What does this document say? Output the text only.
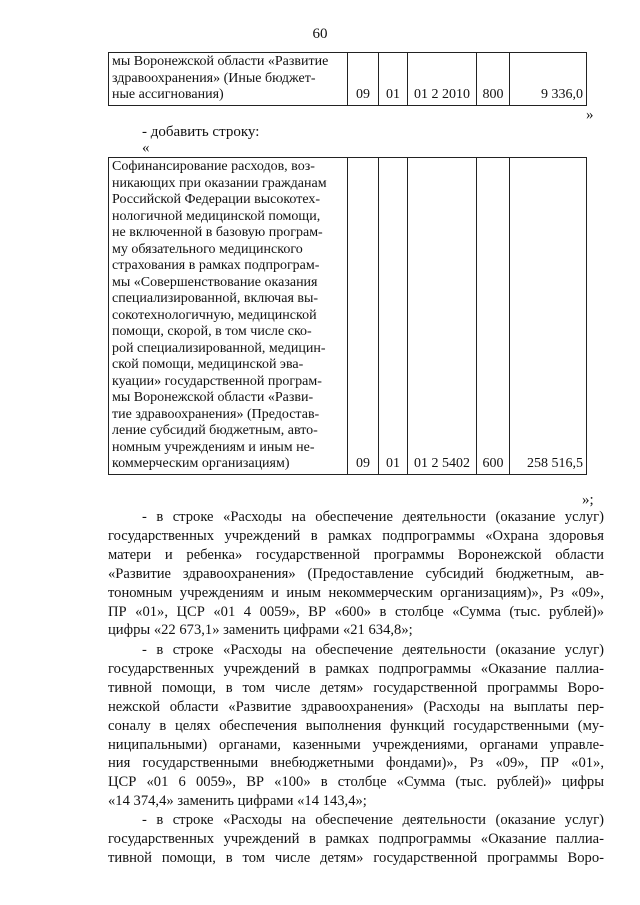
60
мы Воронежской области «Развитие
здравоохранения» (Иные бюджет-
ные ассигнования)	09	01	01 2 2010	800	9 336,0
»
- добавить строку:
«
Софинансирование расходов, воз-
никающих при оказании гражданам
Российской Федерации высокотех-
нологичной медицинской помощи,
не включенной в базовую програм-
му обязательного медицинского
страхования в рамках подпрограм-
мы «Совершенствование оказания
специализированной, включая вы-
сокотехнологичную, медицинской
помощи, скорой, в том числе ско-
рой специализированной, медицин-
ской помощи, медицинской эва-
куации» государственной програм-
мы Воронежской области «Разви-
тие здравоохранения» (Предостав-
ление субсидий бюджетным, авто-
номным учреждениям и иным не-
коммерческим организациям)	09	01	01 2 5402	600	258 516,5
»;
- в строке «Расходы на обеспечение деятельности (оказание услуг)
государственных учреждений в рамках подпрограммы «Охрана здоровья
матери и ребенка» государственной программы Воронежской области
«Развитие здравоохранения» (Предоставление субсидий бюджетным, ав-
тономным учреждениям и иным некоммерческим организациям)», Рз «09»,
ПР «01», ЦСР «01 4 0059», ВР «600» в столбце «Сумма (тыс. рублей)»
цифры «22 673,1» заменить цифрами «21 634,8»;
- в строке «Расходы на обеспечение деятельности (оказание услуг)
государственных учреждений в рамках подпрограммы «Оказание паллиа-
тивной помощи, в том числе детям» государственной программы Воро-
нежской области «Развитие здравоохранения» (Расходы на выплаты пер-
соналу в целях обеспечения выполнения функций государственными (му-
ниципальными) органами, казенными учреждениями, органами управле-
ния государственными внебюджетными фондами)», Рз «09», ПР «01»,
ЦСР «01 6 0059», ВР «100» в столбце «Сумма (тыс. рублей)» цифры
«14 374,4» заменить цифрами «14 143,4»;
- в строке «Расходы на обеспечение деятельности (оказание услуг)
государственных учреждений в рамках подпрограммы «Оказание паллиа-
тивной помощи, в том числе детям» государственной программы Воро-
